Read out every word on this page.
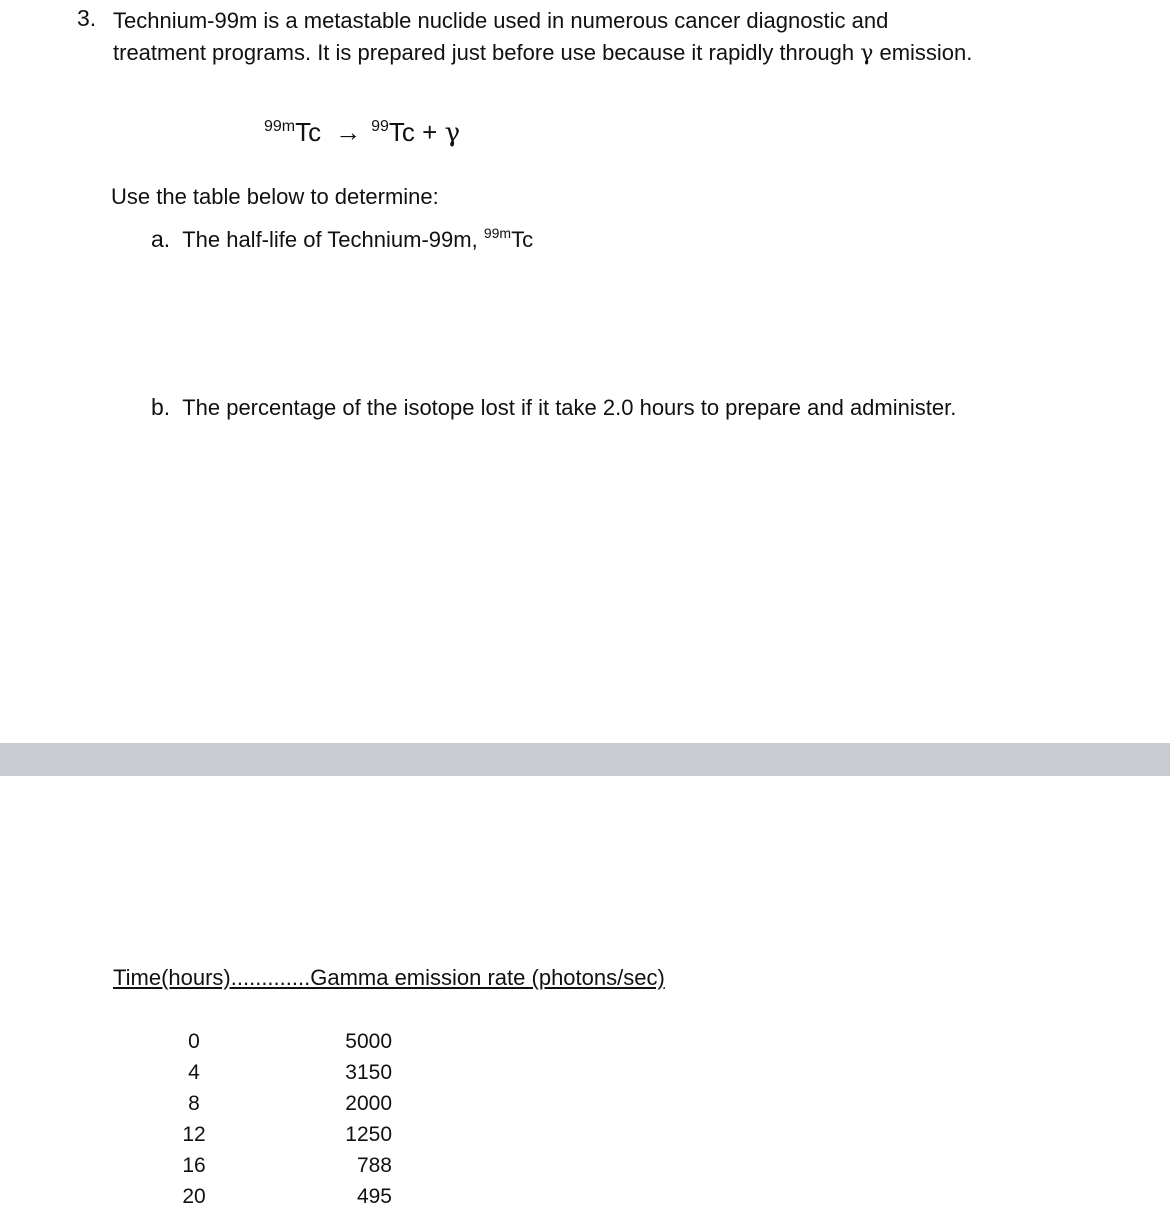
3. Technium-99m is a metastable nuclide used in numerous cancer diagnostic and
treatment programs. It is prepared just before use because it rapidly through γ emission.
$^{99m}$Tc → $^{99}$Tc + γ
Use the table below to determine:
a. The half-life of Technium-99m, $^{99m}$Tc
b. The percentage of the isotope lost if it take 2.0 hours to prepare and administer.
Time(hours).............Gamma emission rate (photons/sec)
0
4
8
12
16
20
5000
3150
2000
1250
788
495
